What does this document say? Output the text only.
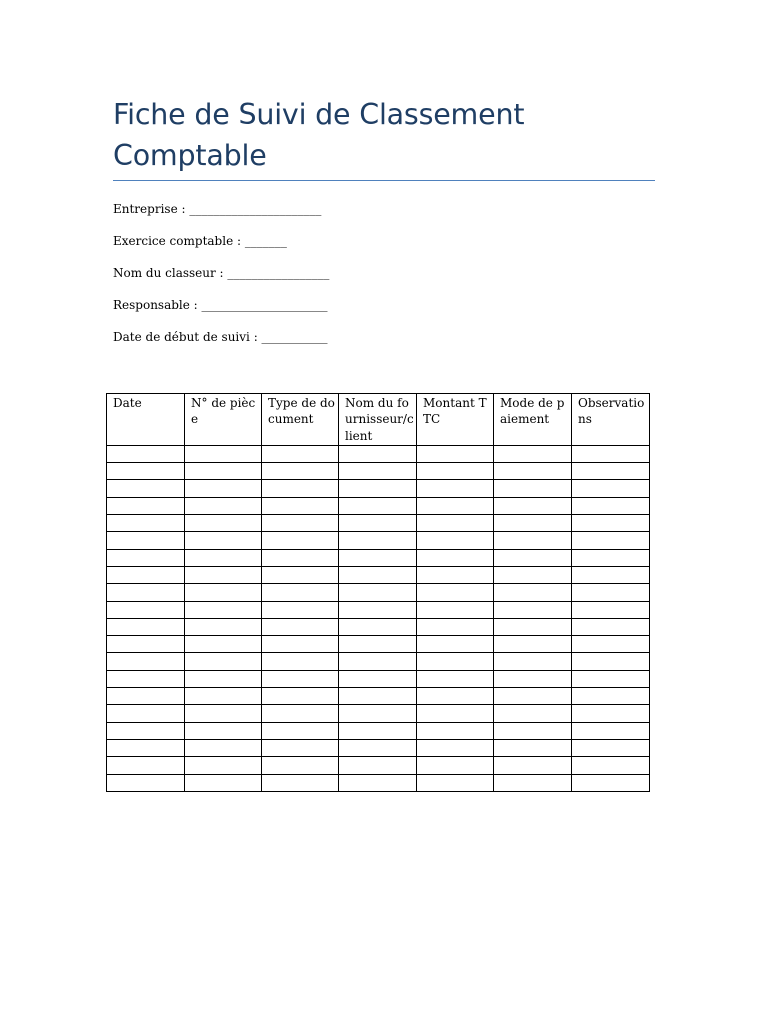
Fiche de Suivi de Classement Comptable
Entreprise : ______________________
Exercice comptable : _______
Nom du classeur : _________________
Responsable : _____________________
Date de début de suivi : ___________
Date	N° de pièce	Type de document	Nom du fournisseur/client	Montant TTC	Mode de paiement	Observations
